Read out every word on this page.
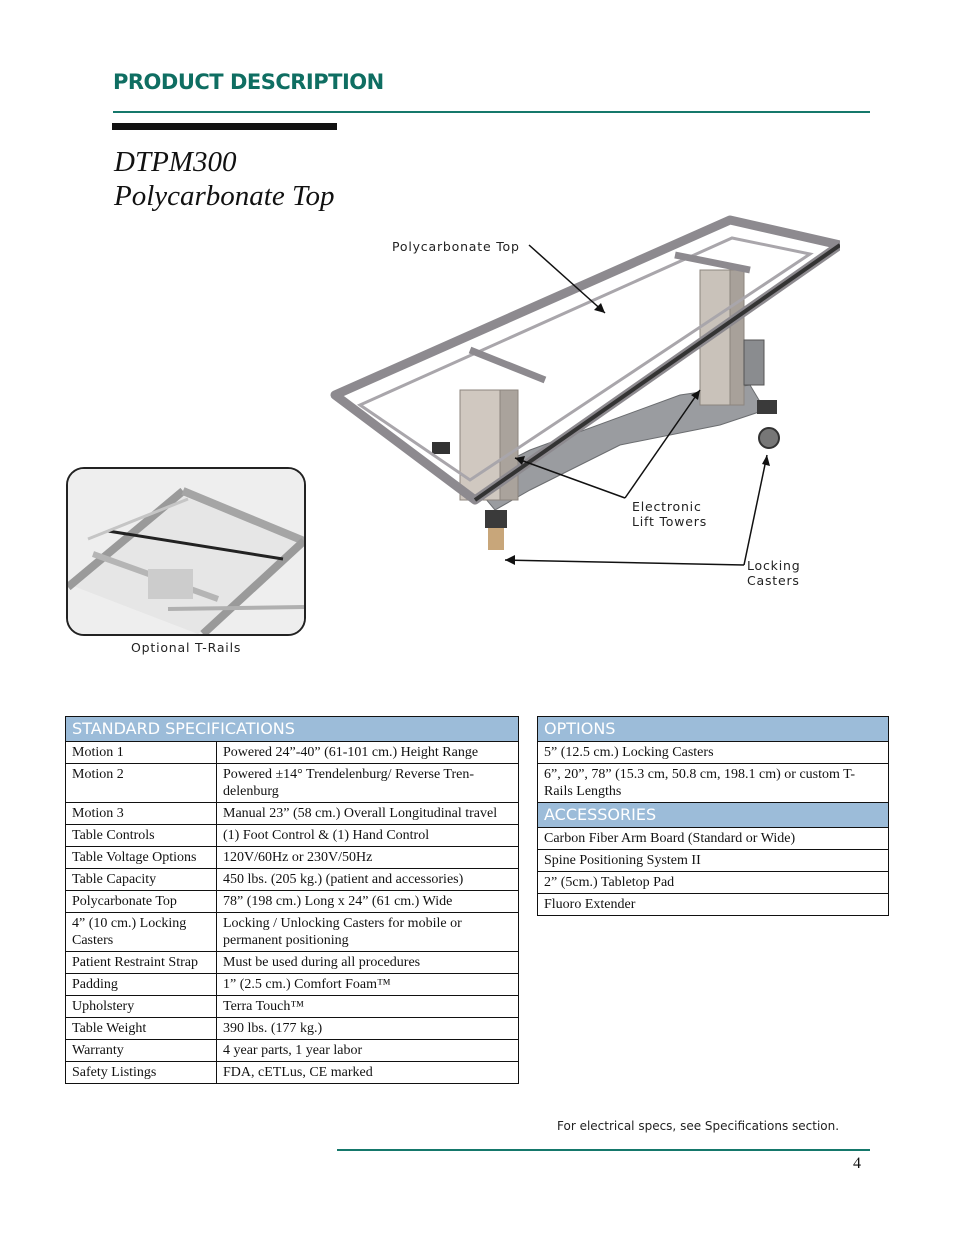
PRODUCT DESCRIPTION
DTPM300
Polycarbonate Top
Polycarbonate Top
Electronic
Lift Towers
Locking
Casters
Optional T-Rails
STANDARD SPECIFICATIONS	
Motion 1	Powered 24”-40” (61-101 cm.) Height Range
Motion 2	Powered ±14° Trendelenburg/ Reverse Tren-delenburg
Motion 3	Manual 23” (58 cm.) Overall Longitudinal travel
Table Controls	(1) Foot Control & (1) Hand Control
Table Voltage Options	120V/60Hz or 230V/50Hz
Table Capacity	450 lbs. (205 kg.) (patient and accessories)
Polycarbonate Top	78” (198 cm.) Long x 24” (61 cm.) Wide
4” (10 cm.) Locking Casters	Locking / Unlocking Casters for mobile or permanent positioning
Patient Restraint Strap	Must be used during all procedures
Padding	1” (2.5 cm.) Comfort Foam™
Upholstery	Terra Touch™
Table Weight	390 lbs. (177 kg.)
Warranty	4 year parts, 1 year labor
Safety Listings	FDA, cETLus, CE marked
OPTIONS
5” (12.5 cm.) Locking Casters
6”, 20”, 78” (15.3 cm, 50.8 cm, 198.1 cm) or custom T-Rails Lengths
ACCESSORIES
Carbon Fiber Arm Board (Standard or Wide)
Spine Positioning System II
2” (5cm.) Tabletop Pad
Fluoro Extender
For electrical specs, see Specifications section.
4
